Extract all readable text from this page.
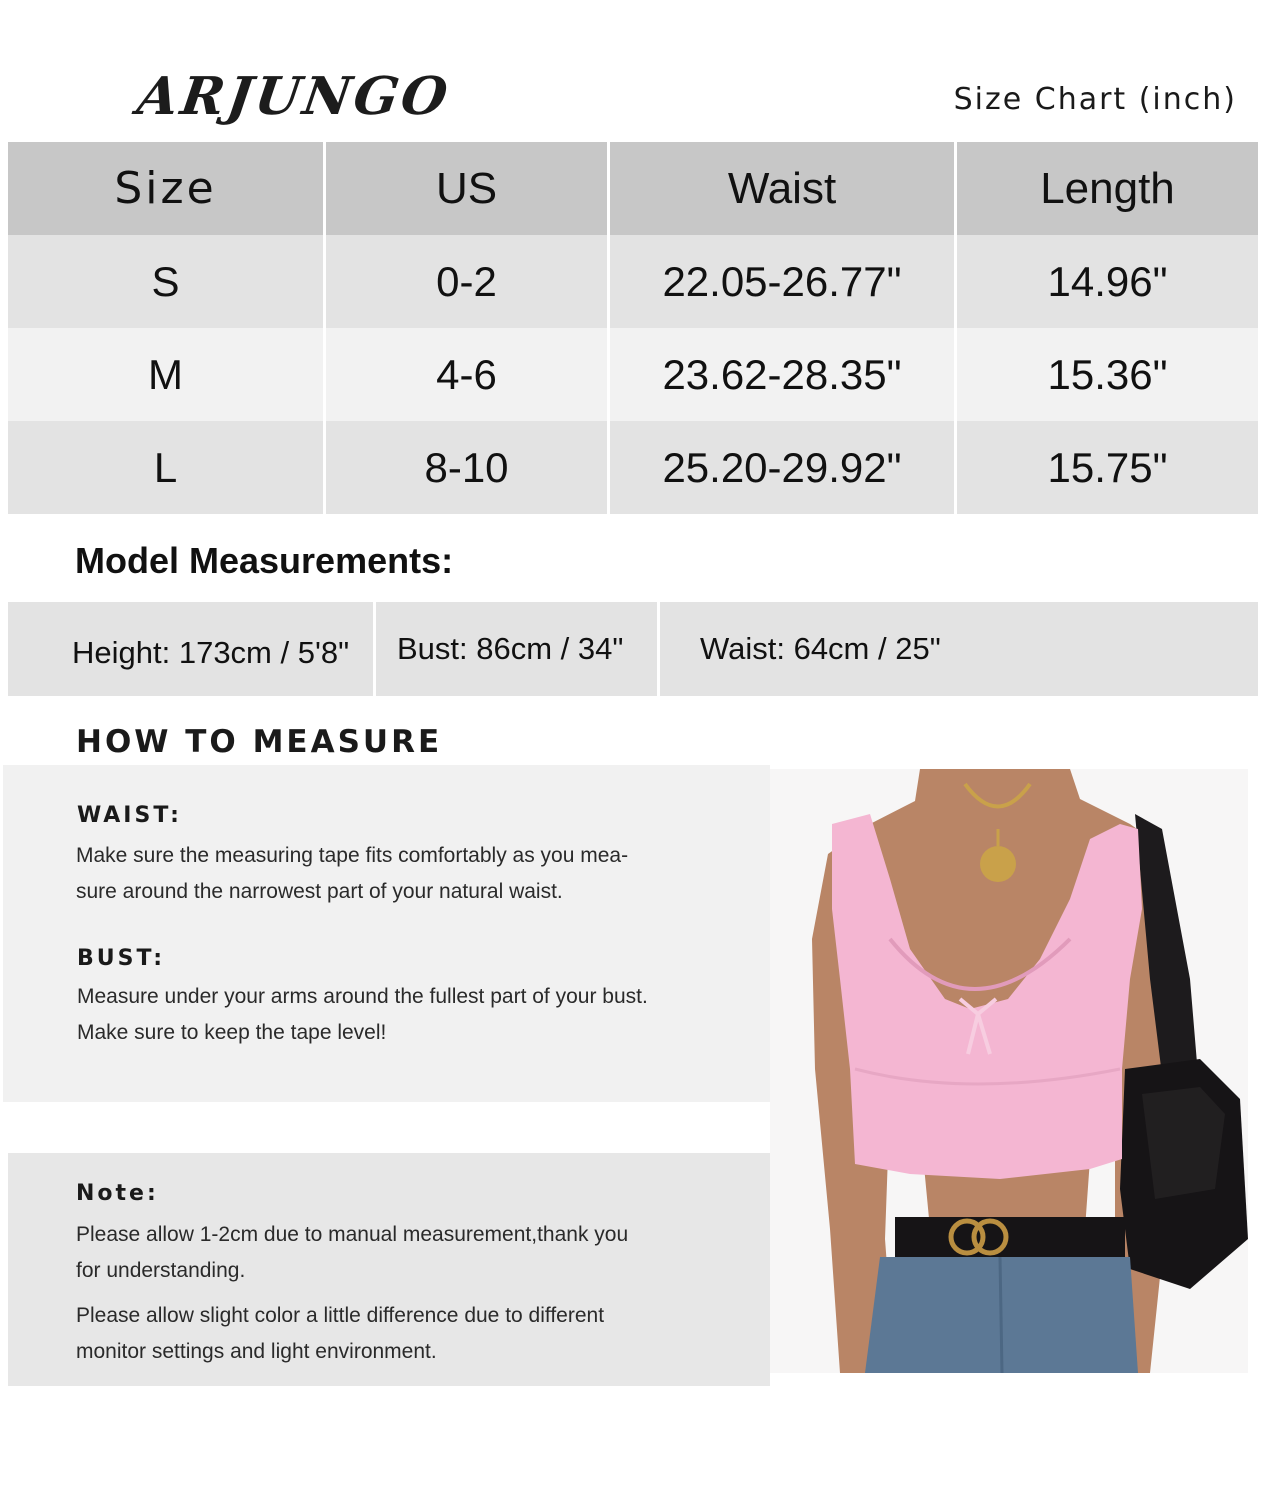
ARJUNGO	Size Chart (inch)
Size	US	Waist	Length
S	0-2	22.05-26.77"	14.96"
M	4-6	23.62-28.35"	15.36"
L	8-10	25.20-29.92"	15.75"
Model Measurements:
Height: 173cm / 5'8"	Bust: 86cm / 34"	Waist: 64cm / 25"
HOW TO MEASURE
WAIST:
Make sure the measuring tape fits comfortably as you mea-
sure around the narrowest part of your natural waist.
BUST:
Measure under your arms around the fullest part of your bust.
Make sure to keep the tape level!
Note:
Please allow 1-2cm due to manual measurement,thank you
for understanding.
Please allow slight color a little difference due to different
monitor settings and light environment.
